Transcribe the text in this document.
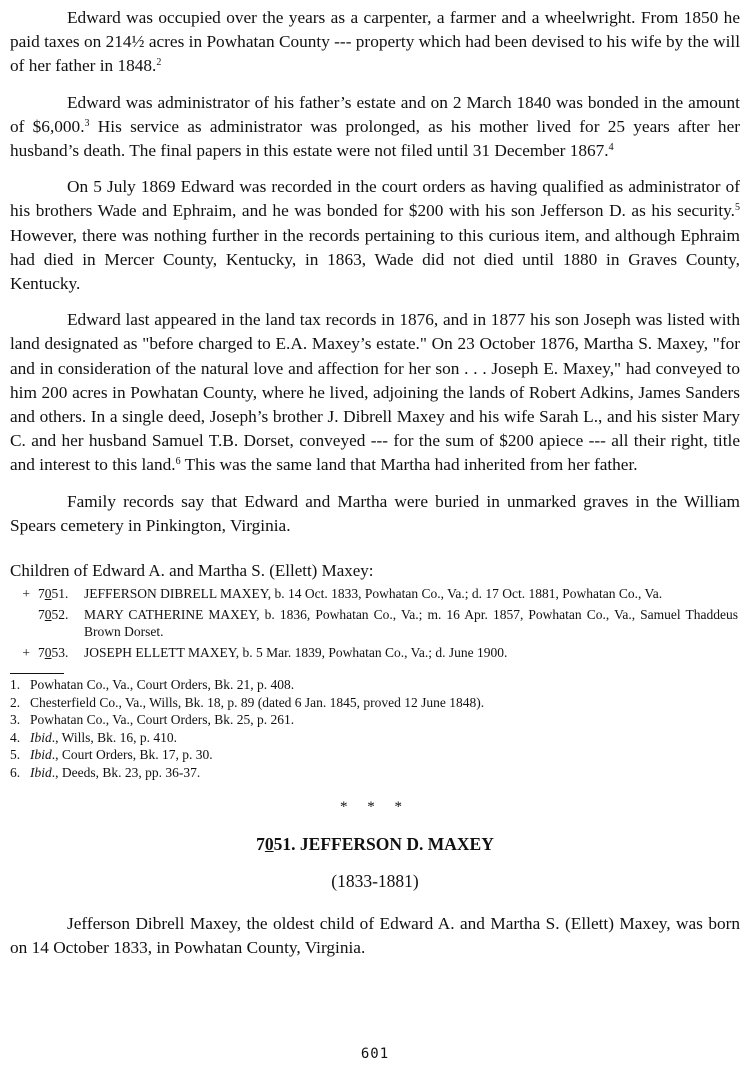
Edward was occupied over the years as a carpenter, a farmer and a wheelwright. From 1850 he paid taxes on 214½ acres in Powhatan County --- property which had been devised to his wife by the will of her father in 1848.$^2$

Edward was administrator of his father’s estate and on 2 March 1840 was bonded in the amount of $6,000.$^3$ His service as administrator was prolonged, as his mother lived for 25 years after her husband’s death. The final papers in this estate were not filed until 31 December 1867.$^4$

On 5 July 1869 Edward was recorded in the court orders as having qualified as administrator of his brothers Wade and Ephraim, and he was bonded for $200 with his son Jefferson D. as his security.$^5$ However, there was nothing further in the records pertaining to this curious item, and although Ephraim had died in Mercer County, Kentucky, in 1863, Wade did not died until 1880 in Graves County, Kentucky.

Edward last appeared in the land tax records in 1876, and in 1877 his son Joseph was listed with land designated as "before charged to E.A. Maxey’s estate." On 23 October 1876, Martha S. Maxey, "for and in consideration of the natural love and affection for her son . . . Joseph E. Maxey," had conveyed to him 200 acres in Powhatan County, where he lived, adjoining the lands of Robert Adkins, James Sanders and others. In a single deed, Joseph’s brother J. Dibrell Maxey and his wife Sarah L., and his sister Mary C. and her husband Samuel T.B. Dorset, conveyed --- for the sum of $200 apiece --- all their right, title and interest to this land.$^6$ This was the same land that Martha had inherited from her father.

Family records say that Edward and Martha were buried in unmarked graves in the William Spears cemetery in Pinkington, Virginia.

Children of Edward A. and Martha S. (Ellett) Maxey:
+ 7051.	JEFFERSON DIBRELL MAXEY, b. 14 Oct. 1833, Powhatan Co., Va.; d. 17 Oct. 1881, Powhatan Co., Va.
7052.	MARY CATHERINE MAXEY, b. 1836, Powhatan Co., Va.; m. 16 Apr. 1857, Powhatan Co., Va., Samuel Thaddeus Brown Dorset.
+ 7053.	JOSEPH ELLETT MAXEY, b. 5 Mar. 1839, Powhatan Co., Va.; d. June 1900.
1. Powhatan Co., Va., Court Orders, Bk. 21, p. 408.
2. Chesterfield Co., Va., Wills, Bk. 18, p. 89 (dated 6 Jan. 1845, proved 12 June 1848).
3. Powhatan Co., Va., Court Orders, Bk. 25, p. 261.
4. Ibid., Wills, Bk. 16, p. 410.
5. Ibid., Court Orders, Bk. 17, p. 30.
6. Ibid., Deeds, Bk. 23, pp. 36-37.
* * *
7051. JEFFERSON D. MAXEY
(1833-1881)

Jefferson Dibrell Maxey, the oldest child of Edward A. and Martha S. (Ellett) Maxey, was born on 14 October 1833, in Powhatan County, Virginia.

601
